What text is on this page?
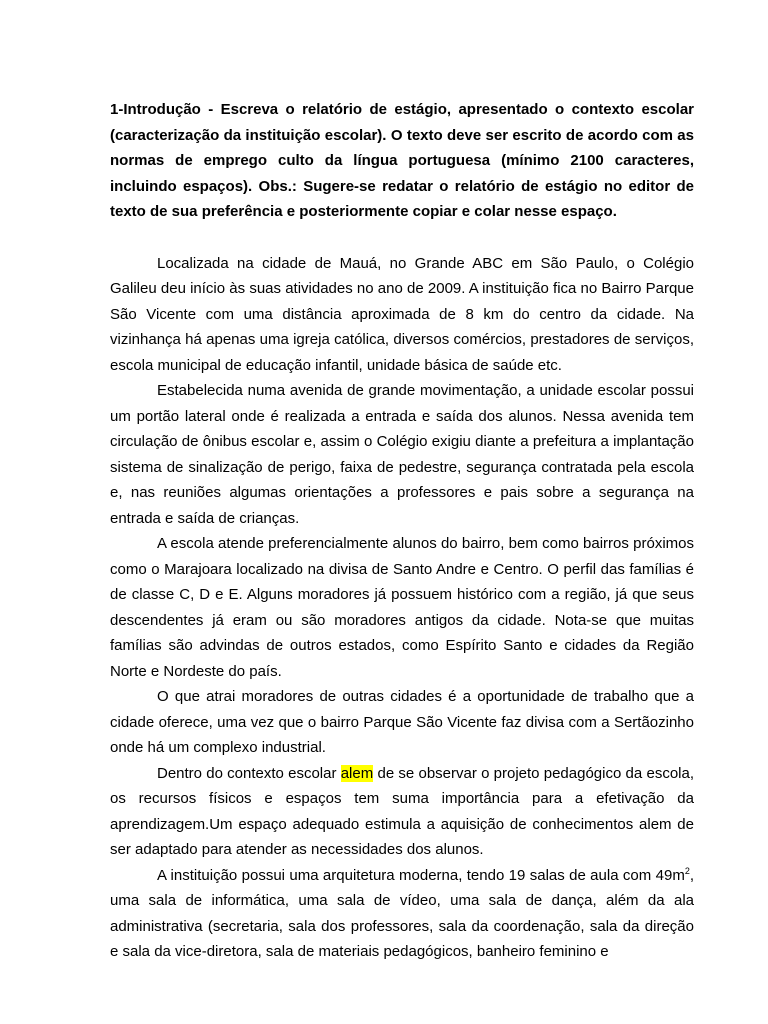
1-Introdução - Escreva o relatório de estágio, apresentado o contexto escolar (caracterização da instituição escolar). O texto deve ser escrito de acordo com as normas de emprego culto da língua portuguesa (mínimo 2100 caracteres, incluindo espaços). Obs.: Sugere-se redatar o relatório de estágio no editor de texto de sua preferência e posteriormente copiar e colar nesse espaço.

Localizada na cidade de Mauá, no Grande ABC em São Paulo, o Colégio Galileu deu início às suas atividades no ano de 2009. A instituição fica no Bairro Parque São Vicente com uma distância aproximada de 8 km do centro da cidade. Na vizinhança há apenas uma igreja católica, diversos comércios, prestadores de serviços, escola municipal de educação infantil, unidade básica de saúde etc.

Estabelecida numa avenida de grande movimentação, a unidade escolar possui um portão lateral onde é realizada a entrada e saída dos alunos. Nessa avenida tem circulação de ônibus escolar e, assim o Colégio exigiu diante a prefeitura a implantação sistema de sinalização de perigo, faixa de pedestre, segurança contratada pela escola e, nas reuniões algumas orientações a professores e pais sobre a segurança na entrada e saída de crianças.

A escola atende preferencialmente alunos do bairro, bem como bairros próximos como o Marajoara localizado na divisa de Santo Andre e Centro. O perfil das famílias é de classe C, D e E. Alguns moradores já possuem histórico com a região, já que seus descendentes já eram ou são moradores antigos da cidade. Nota-se que muitas famílias são advindas de outros estados, como Espírito Santo e cidades da Região Norte e Nordeste do país.

O que atrai moradores de outras cidades é a oportunidade de trabalho que a cidade oferece, uma vez que o bairro Parque São Vicente faz divisa com a Sertãozinho onde há um complexo industrial.

Dentro do contexto escolar alem de se observar o projeto pedagógico da escola, os recursos físicos e espaços tem suma importância para a efetivação da aprendizagem.Um espaço adequado estimula a aquisição de conhecimentos alem de ser adaptado para atender as necessidades dos alunos.

A instituição possui uma arquitetura moderna, tendo 19 salas de aula com $49m^2$, uma sala de informática, uma sala de vídeo, uma sala de dança, além da ala administrativa (secretaria, sala dos professores, sala da coordenação, sala da direção e sala da vice-diretora, sala de materiais pedagógicos, banheiro feminino e
